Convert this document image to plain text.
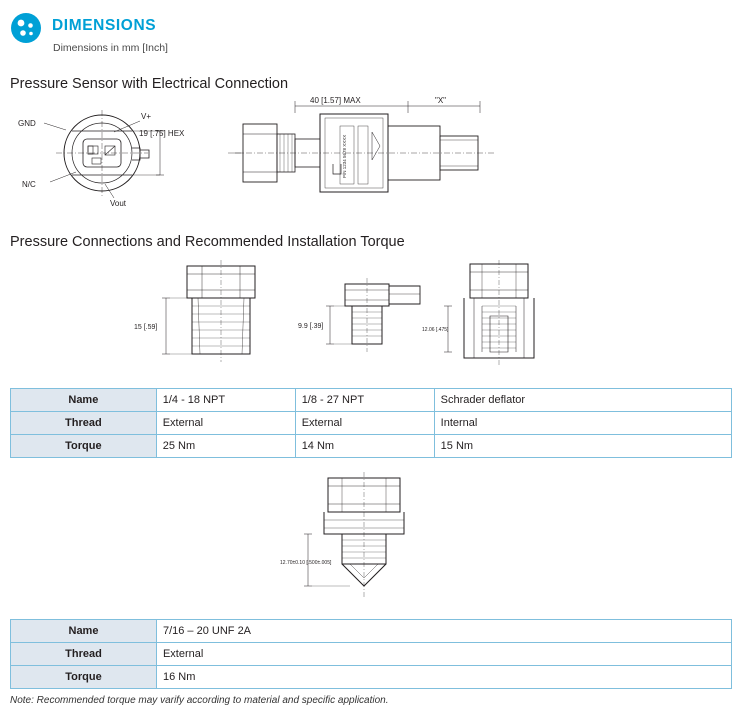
DIMENSIONS
Dimensions in mm [Inch]
Pressure Sensor with Electrical Connection
GND
V+
N/C
Vout
19 [.75] HEX
40 [1.57] MAX	"X"
P/N 1234 5678 XXXX
Pressure Connections and Recommended Installation Torque
15 [.59]	9.9 [.39]	12.06 [.475]
Name	1/4 - 18 NPT	1/8 - 27 NPT	Schrader deflator
Thread	External	External	Internal
Torque	25 Nm	14 Nm	15 Nm
12.70±0.10 [.500±.005]
Name	7/16 – 20 UNF 2A
Thread	External
Torque	16 Nm
Note: Recommended torque may varify according to material and specific application.
